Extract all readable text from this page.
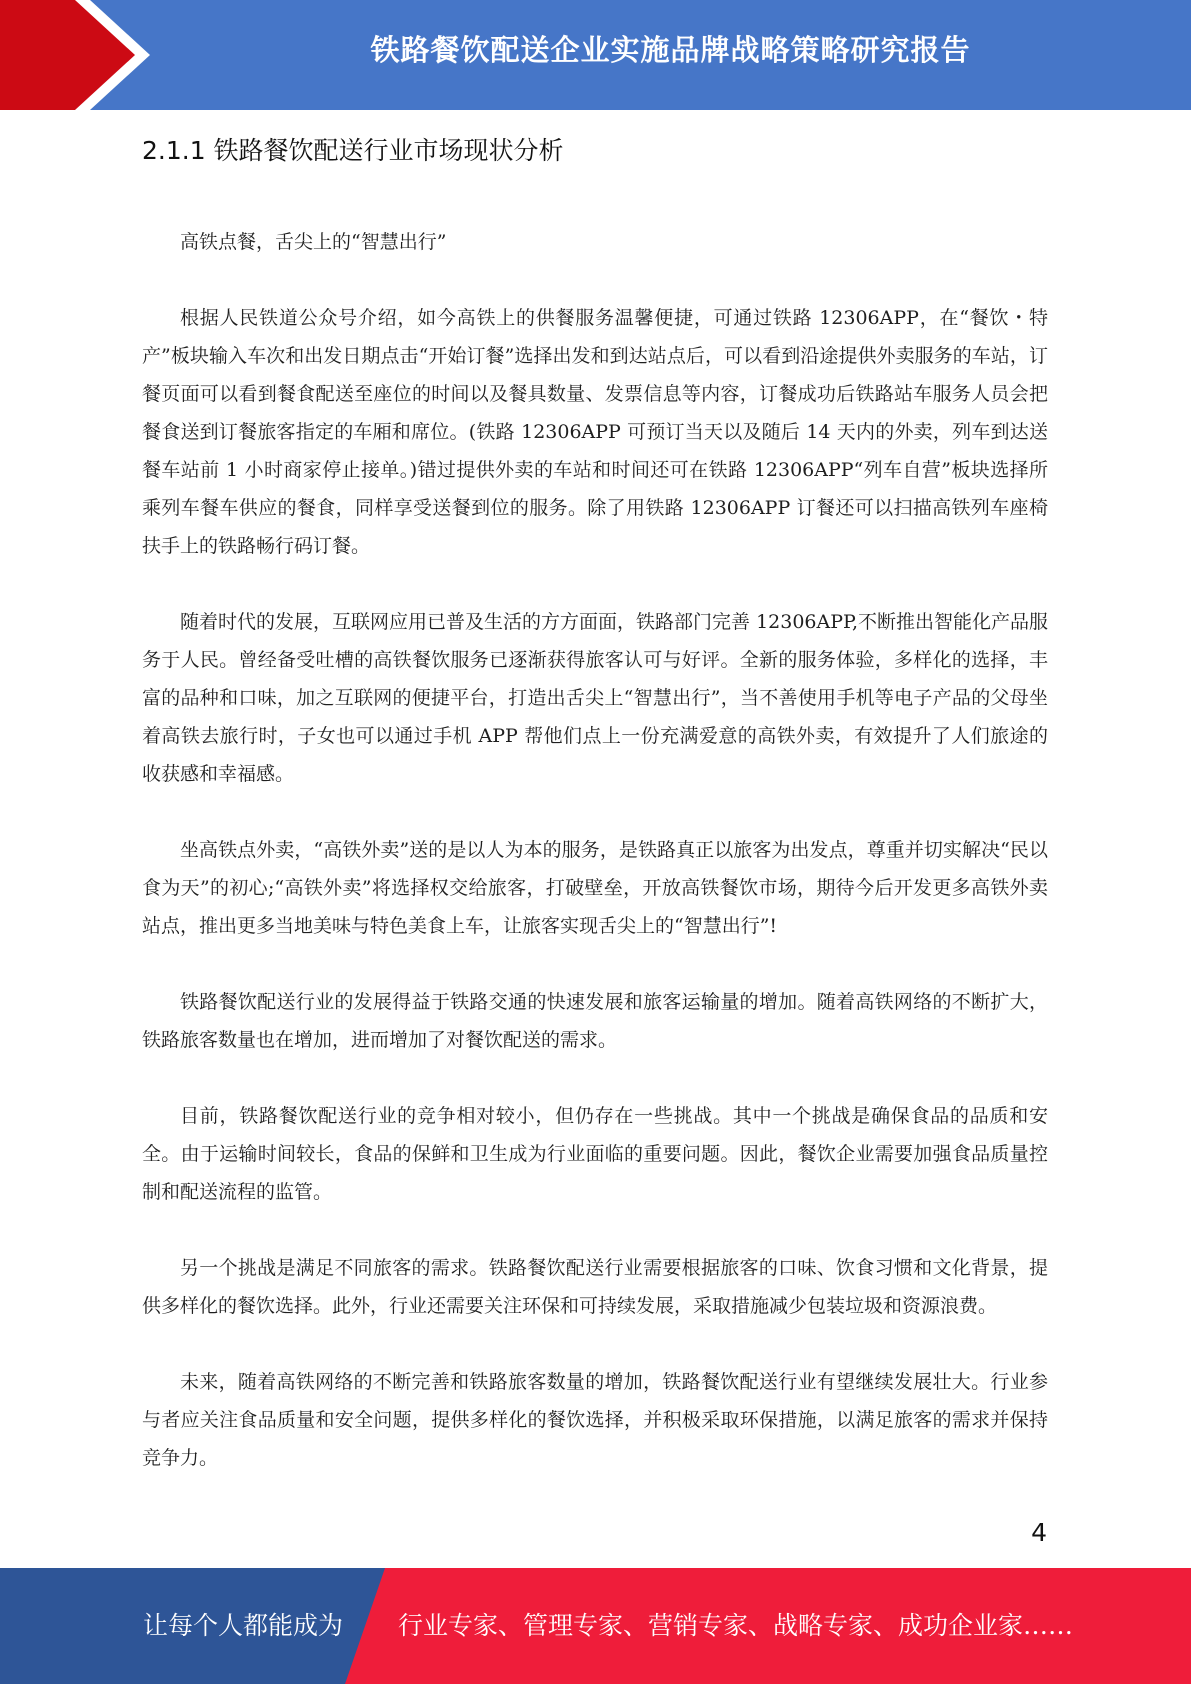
铁路餐饮配送企业实施品牌战略策略研究报告
2.1.1 铁路餐饮配送行业市场现状分析

高铁点餐，舌尖上的“智慧出行”

根据人民铁道公众号介绍，如今高铁上的供餐服务温馨便捷，可通过铁路 12306APP，在“餐饮・特产”板块输入车次和出发日期点击“开始订餐”选择出发和到达站点后，可以看到沿途提供外卖服务的车站，订餐页面可以看到餐食配送至座位的时间以及餐具数量、发票信息等内容，订餐成功后铁路站车服务人员会把餐食送到订餐旅客指定的车厢和席位。(铁路 12306APP 可预订当天以及随后 14 天内的外卖，列车到达送餐车站前 1 小时商家停止接单。)错过提供外卖的车站和时间还可在铁路 12306APP“列车自营”板块选择所乘列车餐车供应的餐食，同样享受送餐到位的服务。除了用铁路 12306APP 订餐还可以扫描高铁列车座椅扶手上的铁路畅行码订餐。

随着时代的发展，互联网应用已普及生活的方方面面，铁路部门完善 12306APP,不断推出智能化产品服务于人民。曾经备受吐槽的高铁餐饮服务已逐渐获得旅客认可与好评。全新的服务体验，多样化的选择，丰富的品种和口味，加之互联网的便捷平台，打造出舌尖上“智慧出行”，当不善使用手机等电子产品的父母坐着高铁去旅行时，子女也可以通过手机 APP 帮他们点上一份充满爱意的高铁外卖，有效提升了人们旅途的收获感和幸福感。

坐高铁点外卖，“高铁外卖”送的是以人为本的服务，是铁路真正以旅客为出发点，尊重并切实解决“民以食为天”的初心;“高铁外卖”将选择权交给旅客，打破壁垒，开放高铁餐饮市场，期待今后开发更多高铁外卖站点，推出更多当地美味与特色美食上车，让旅客实现舌尖上的“智慧出行”!

铁路餐饮配送行业的发展得益于铁路交通的快速发展和旅客运输量的增加。随着高铁网络的不断扩大，铁路旅客数量也在增加，进而增加了对餐饮配送的需求。

目前，铁路餐饮配送行业的竞争相对较小，但仍存在一些挑战。其中一个挑战是确保食品的品质和安全。由于运输时间较长，食品的保鲜和卫生成为行业面临的重要问题。因此，餐饮企业需要加强食品质量控制和配送流程的监管。

另一个挑战是满足不同旅客的需求。铁路餐饮配送行业需要根据旅客的口味、饮食习惯和文化背景，提供多样化的餐饮选择。此外，行业还需要关注环保和可持续发展，采取措施减少包装垃圾和资源浪费。

未来，随着高铁网络的不断完善和铁路旅客数量的增加，铁路餐饮配送行业有望继续发展壮大。行业参与者应关注食品质量和安全问题，提供多样化的餐饮选择，并积极采取环保措施，以满足旅客的需求并保持竞争力。

4
让每个人都能成为 行业专家、管理专家、营销专家、战略专家、成功企业家……
